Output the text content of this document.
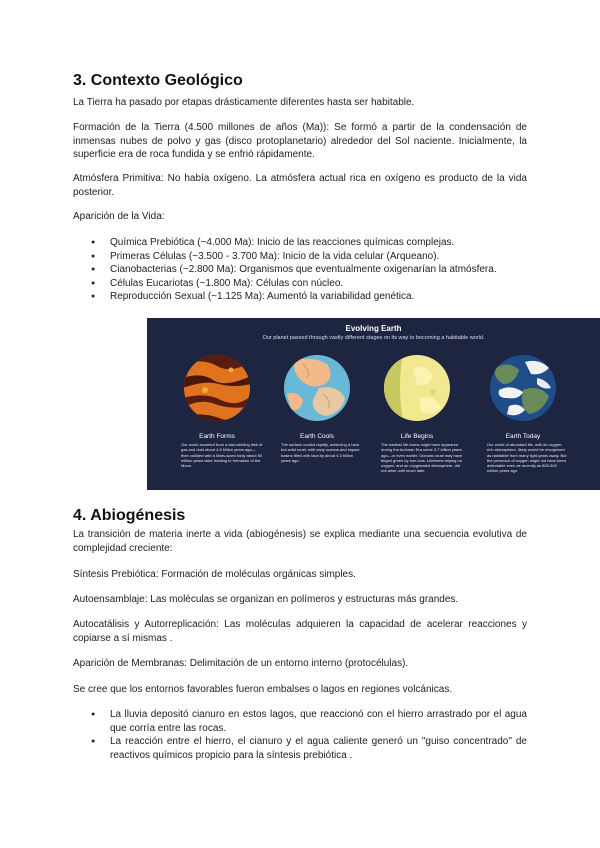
3. Contexto Geológico

La Tierra ha pasado por etapas drásticamente diferentes hasta ser habitable.

Formación de la Tierra (4.500 millones de años (Ma)): Se formó a partir de la condensación de inmensas nubes de polvo y gas (disco protoplanetario) alrededor del Sol naciente. Inicialmente, la superficie era de roca fundida y se enfrió rápidamente.

Atmósfera Primitiva: No había oxígeno. La atmósfera actual rica en oxígeno es producto de la vida posterior.

Aparición de la Vida:

● Química Prebiótica (~4.000 Ma): Inicio de las reacciones químicas complejas.
● Primeras Células (~3.500 - 3.700 Ma): Inicio de la vida celular (Arqueano).
● Cianobacterias (~2.800 Ma): Organismos que eventualmente oxigenarían la atmósfera.
● Células Eucariotas (~1.800 Ma): Células con núcleo.
● Reproducción Sexual (~1.125 Ma): Aumentó la variabilidad genética.
Evolving Earth
Our planet passed through vastly different stages on its way to becoming a habitable world.
Earth Forms
Our world accreted from a fast-whirling disk of gas and dust about 4.6 billion years ago—then collided with a Mars-sized body about 50 million years later, leading to formation of the Moon.
Earth Cools
The surface cooled rapidly, achieving a hard but solid crust, with early oceans and impact basins filled with lava by about 4.3 billion years ago.
Life Begins
The earliest life-forms might have appeared during the Archean Era some 3.7 billion years ago—or even earlier. Oceanic crust may have tinged green by iron ions. Lifeforms relying on oxygen, and an oxygenated atmosphere, did not arise until much later.
Earth Today
Our world of abundant life, with its oxygen-rich atmosphere, likely would be recognized as habitable from many light-years away. But the presence of oxygen might not have been detectable even as recently as 800-500 million years ago.
4. Abiogénesis

La transición de materia inerte a vida (abiogénesis) se explica mediante una secuencia evolutiva de complejidad creciente:

Síntesis Prebiótica: Formación de moléculas orgánicas simples.

Autoensamblaje: Las moléculas se organizan en polímeros y estructuras más grandes.

Autocatálisis y Autorreplicación: Las moléculas adquieren la capacidad de acelerar reacciones y copiarse a sí mismas .

Aparición de Membranas: Delimitación de un entorno interno (protocélulas).

Se cree que los entornos favorables fueron embalses o lagos en regiones volcánicas.

● La lluvia depositó cianuro en estos lagos, que reaccionó con el hierro arrastrado por el agua que corría entre las rocas.
● La reacción entre el hierro, el cianuro y el agua caliente generó un "guiso concentrado" de reactivos químicos propicio para la síntesis prebiótica .
